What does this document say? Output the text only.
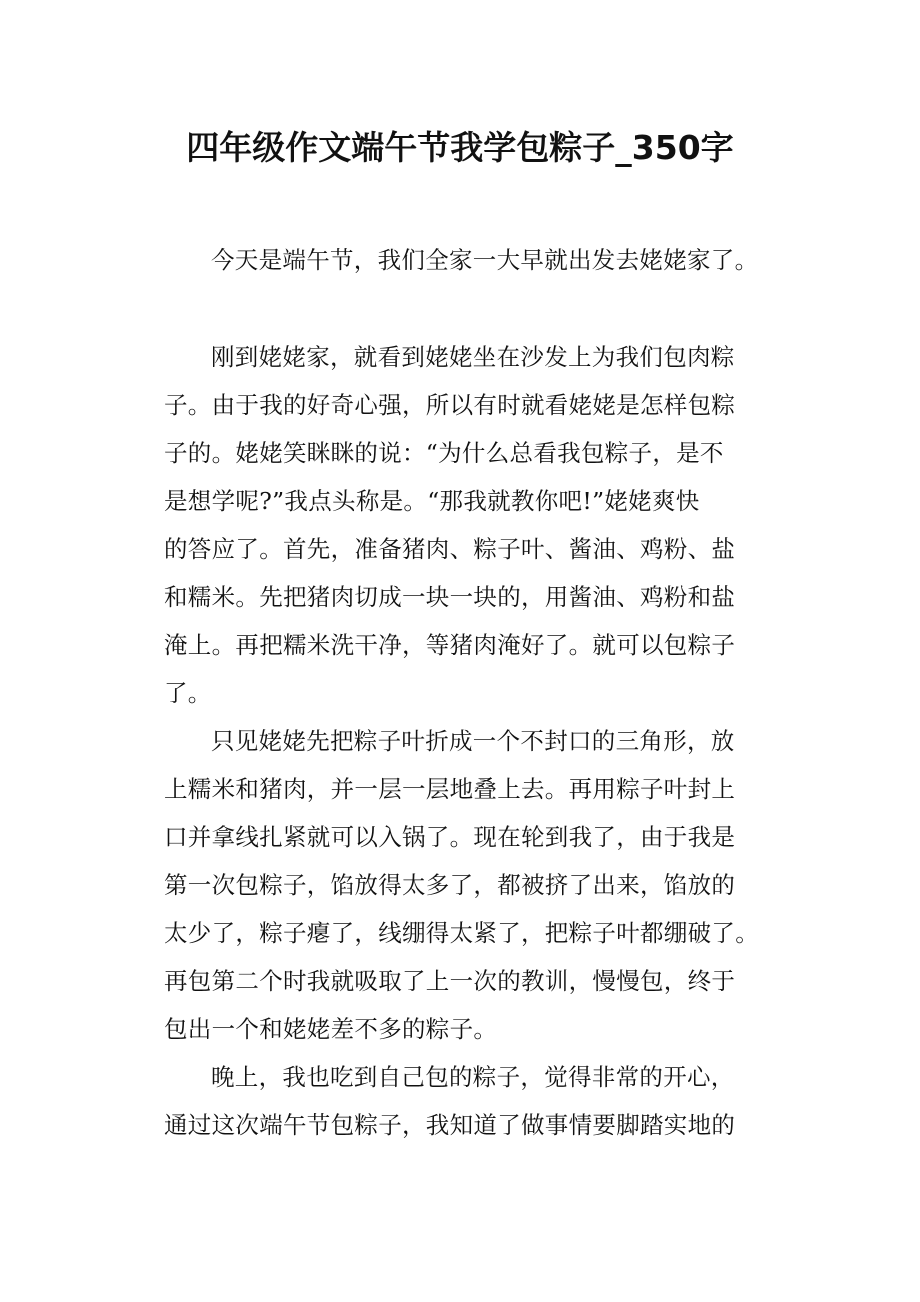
四年级作文端午节我学包粽子_350字
今天是端午节，我们全家一大早就出发去姥姥家了。
刚到姥姥家，就看到姥姥坐在沙发上为我们包肉粽
子。由于我的好奇心强，所以有时就看姥姥是怎样包粽
子的。姥姥笑眯眯的说：“为什么总看我包粽子，是不
是想学呢?”我点头称是。“那我就教你吧!”姥姥爽快
的答应了。首先，准备猪肉、粽子叶、酱油、鸡粉、盐
和糯米。先把猪肉切成一块一块的，用酱油、鸡粉和盐
淹上。再把糯米洗干净，等猪肉淹好了。就可以包粽子
了。
只见姥姥先把粽子叶折成一个不封口的三角形，放
上糯米和猪肉，并一层一层地叠上去。再用粽子叶封上
口并拿线扎紧就可以入锅了。现在轮到我了，由于我是
第一次包粽子，馅放得太多了，都被挤了出来，馅放的
太少了，粽子瘪了，线绷得太紧了，把粽子叶都绷破了。
再包第二个时我就吸取了上一次的教训，慢慢包，终于
包出一个和姥姥差不多的粽子。
晚上，我也吃到自己包的粽子，觉得非常的开心，
通过这次端午节包粽子，我知道了做事情要脚踏实地的
